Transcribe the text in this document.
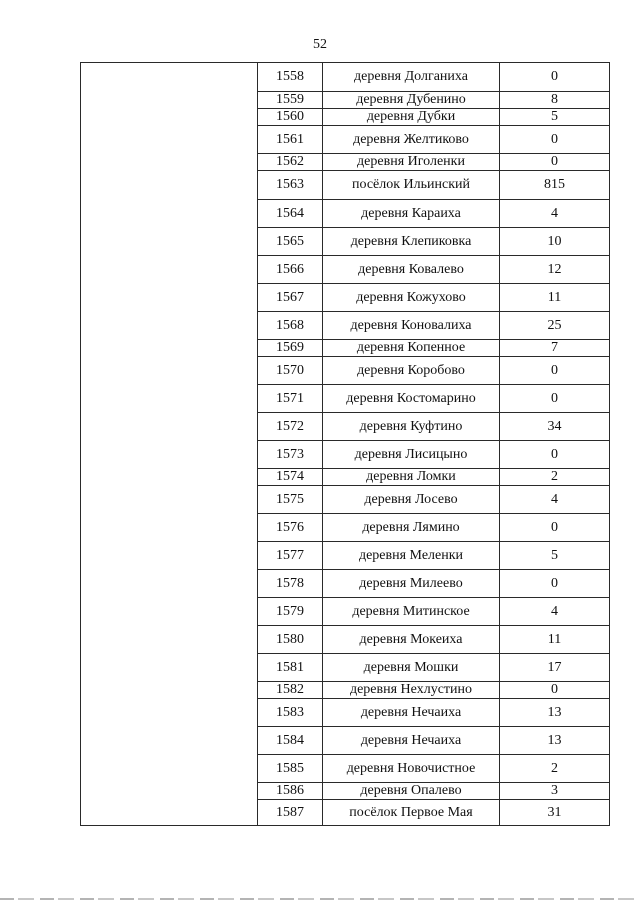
52
	1558	деревня Долганиха	0
	1559	деревня Дубенино	8
	1560	деревня Дубки	5
	1561	деревня Желтиково	0
	1562	деревня Иголенки	0
	1563	посёлок Ильинский	815
	1564	деревня Караиха	4
	1565	деревня Клепиковка	10
	1566	деревня Ковалево	12
	1567	деревня Кожухово	11
	1568	деревня Коновалиха	25
	1569	деревня Копенное	7
	1570	деревня Коробово	0
	1571	деревня Костомарино	0
	1572	деревня Куфтино	34
	1573	деревня Лисицыно	0
	1574	деревня Ломки	2
	1575	деревня Лосево	4
	1576	деревня Лямино	0
	1577	деревня Меленки	5
	1578	деревня Милеево	0
	1579	деревня Митинское	4
	1580	деревня Мокеиха	11
	1581	деревня Мошки	17
	1582	деревня Нехлустино	0
	1583	деревня Нечаиха	13
	1584	деревня Нечаиха	13
	1585	деревня Новочистное	2
	1586	деревня Опалево	3
	1587	посёлок Первое Мая	31
